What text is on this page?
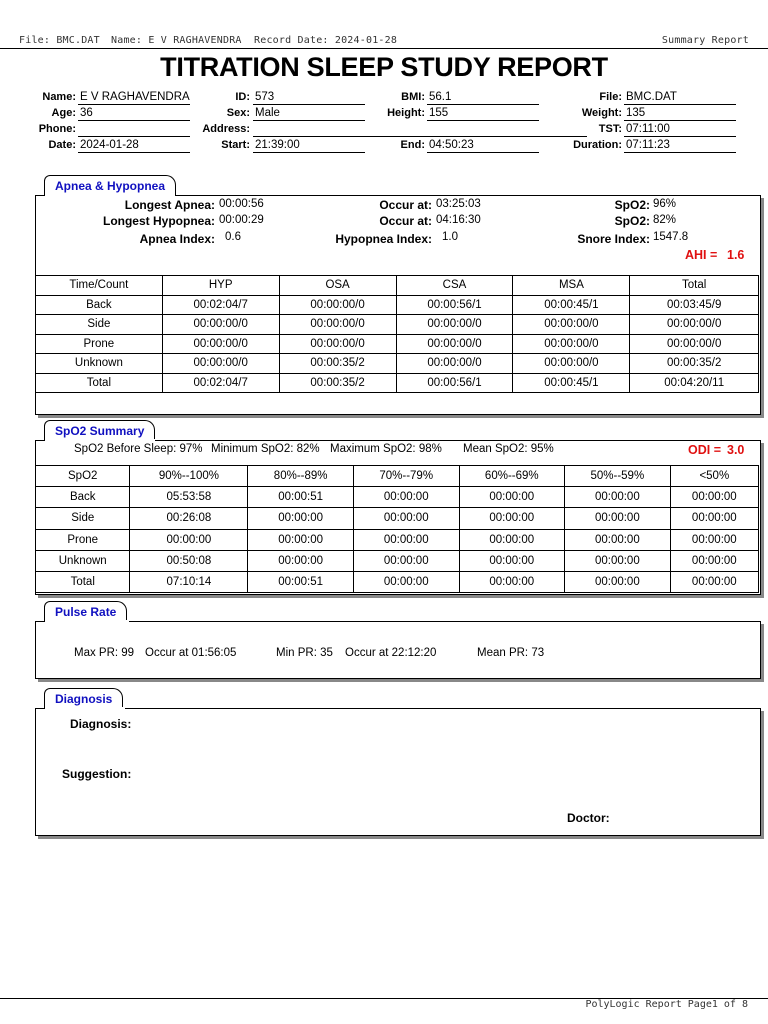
File: BMC.DAT Name: E V RAGHAVENDRA Record Date: 2024-01-28	Summary Report
TITRATION SLEEP STUDY REPORT
Name: E V RAGHAVENDRA
Age: 36
Phone:
Date: 2024-01-28
ID: 573
Sex: Male
Address:
Start: 21:39:00
BMI: 56.1
Height: 155
End: 04:50:23
File: BMC.DAT
Weight: 135
TST: 07:11:00
Duration: 07:11:23
Apnea & Hypopnea
Longest Apnea: 00:00:56
Longest Hypopnea: 00:00:29
Apnea Index: 0.6
Occur at: 03:25:03
Occur at: 04:16:30
Hypopnea Index: 1.0
SpO2: 96%
SpO2: 82%
Snore Index: 1547.8
AHI = 1.6
Time/Count	HYP	OSA	CSA	MSA	Total
Back	00:02:04/7	00:00:00/0	00:00:56/1	00:00:45/1	00:03:45/9
Side	00:00:00/0	00:00:00/0	00:00:00/0	00:00:00/0	00:00:00/0
Prone	00:00:00/0	00:00:00/0	00:00:00/0	00:00:00/0	00:00:00/0
Unknown	00:00:00/0	00:00:35/2	00:00:00/0	00:00:00/0	00:00:35/2
Total	00:02:04/7	00:00:35/2	00:00:56/1	00:00:45/1	00:04:20/11
SpO2 Summary
SpO2 Before Sleep: 97% Minimum SpO2: 82% Maximum SpO2: 98% Mean SpO2: 95%	ODI = 3.0
SpO2	90%--100%	80%--89%	70%--79%	60%--69%	50%--59%	<50%
Back	05:53:58	00:00:51	00:00:00	00:00:00	00:00:00	00:00:00
Side	00:26:08	00:00:00	00:00:00	00:00:00	00:00:00	00:00:00
Prone	00:00:00	00:00:00	00:00:00	00:00:00	00:00:00	00:00:00
Unknown	00:50:08	00:00:00	00:00:00	00:00:00	00:00:00	00:00:00
Total	07:10:14	00:00:51	00:00:00	00:00:00	00:00:00	00:00:00
Pulse Rate
Max PR: 99 Occur at 01:56:05	Min PR: 35 Occur at 22:12:20	Mean PR: 73
Diagnosis
Diagnosis:
Suggestion:
Doctor:
PolyLogic Report Page1 of 8
